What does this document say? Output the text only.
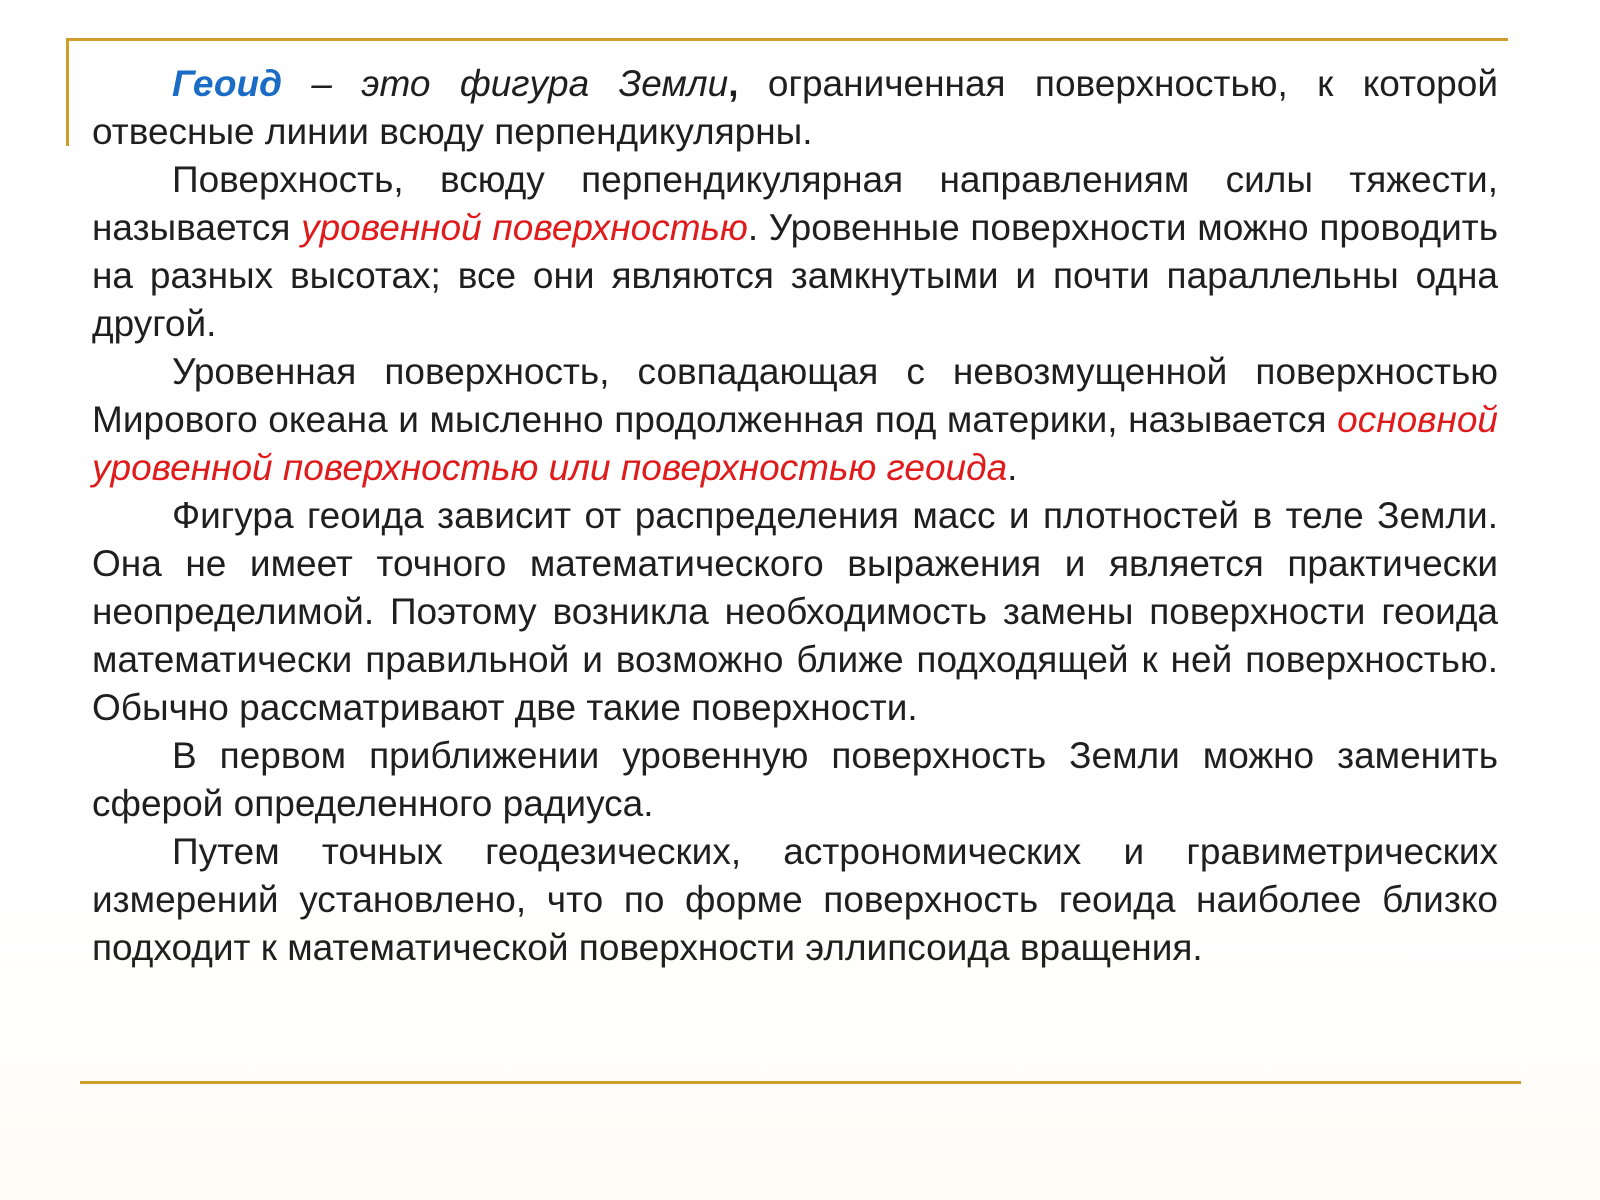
Геоид – это фигура Земли, ограниченная поверхностью, к которой отвесные линии всюду перпендикулярны.

Поверхность, всюду перпендикулярная направлениям силы тяжести, называется уровенной поверхностью. Уровенные поверхности можно проводить на разных высотах; все они являются замкнутыми и почти параллельны одна другой.

Уровенная поверхность, совпадающая с невозмущенной поверхностью Мирового океана и мысленно продолженная под материки, называется основной уровенной поверхностью или поверхностью геоида.

Фигура геоида зависит от распределения масс и плотностей в теле Земли. Она не имеет точного математического выражения и является практически неопределимой. Поэтому возникла необходимость замены поверхности геоида математически правильной и возможно ближе подходящей к ней поверхностью. Обычно рассматривают две такие поверхности.

В первом приближении уровенную поверхность Земли можно заменить сферой определенного радиуса.

Путем точных геодезических, астрономических и гравиметрических измерений установлено, что по форме поверхность геоида наиболее близко подходит к математической поверхности эллипсоида вращения.
